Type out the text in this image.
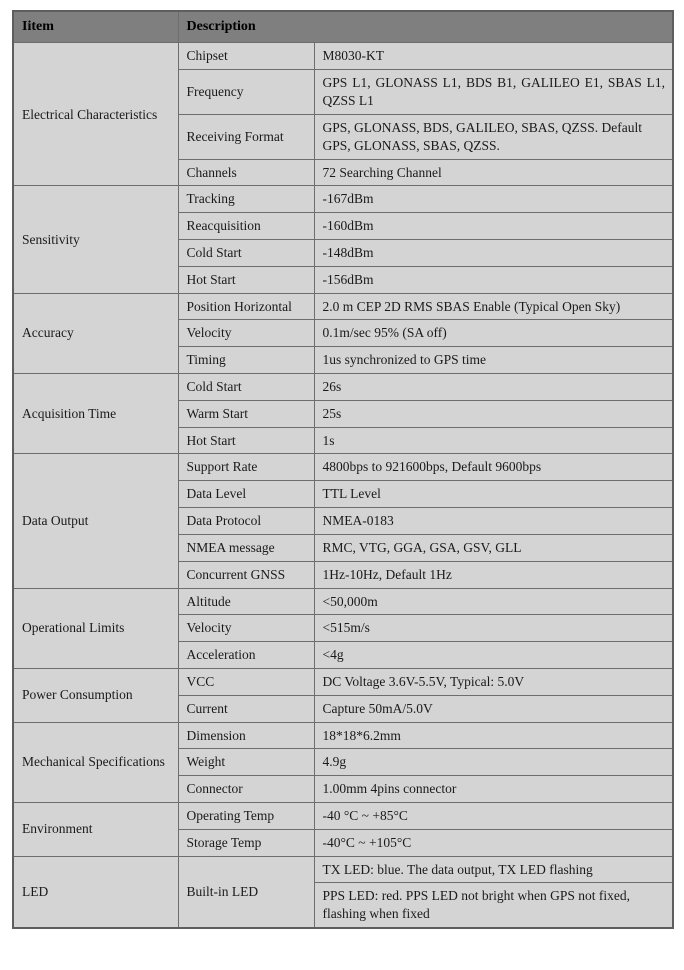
Iitem	Description	
Electrical Characteristics	Chipset	M8030-KT
	Frequency	GPS L1, GLONASS L1, BDS B1, GALILEO E1, SBAS L1, QZSS L1
	Receiving Format	GPS, GLONASS, BDS, GALILEO, SBAS, QZSS. Default GPS, GLONASS, SBAS, QZSS.
	Channels	72 Searching Channel
Sensitivity	Tracking	-167dBm
	Reacquisition	-160dBm
	Cold Start	-148dBm
	Hot Start	-156dBm
Accuracy	Position Horizontal	2.0 m CEP 2D RMS SBAS Enable (Typical Open Sky)
	Velocity	0.1m/sec 95% (SA off)
	Timing	1us synchronized to GPS time
Acquisition Time	Cold Start	26s
	Warm Start	25s
	Hot Start	1s
Data Output	Support Rate	4800bps to 921600bps, Default 9600bps
	Data Level	TTL Level
	Data Protocol	NMEA-0183
	NMEA message	RMC, VTG, GGA, GSA, GSV, GLL
	Concurrent GNSS	1Hz-10Hz, Default 1Hz
Operational Limits	Altitude	<50,000m
	Velocity	<515m/s
	Acceleration	<4g
Power Consumption	VCC	DC Voltage 3.6V-5.5V, Typical: 5.0V
	Current	Capture 50mA/5.0V
Mechanical Specifications	Dimension	18*18*6.2mm
	Weight	4.9g
	Connector	1.00mm 4pins connector
Environment	Operating Temp	-40 °C ~ +85°C
	Storage Temp	-40°C ~ +105°C
LED	Built-in LED	TX LED: blue. The data output, TX LED flashing
		PPS LED: red. PPS LED not bright when GPS not fixed, flashing when fixed
